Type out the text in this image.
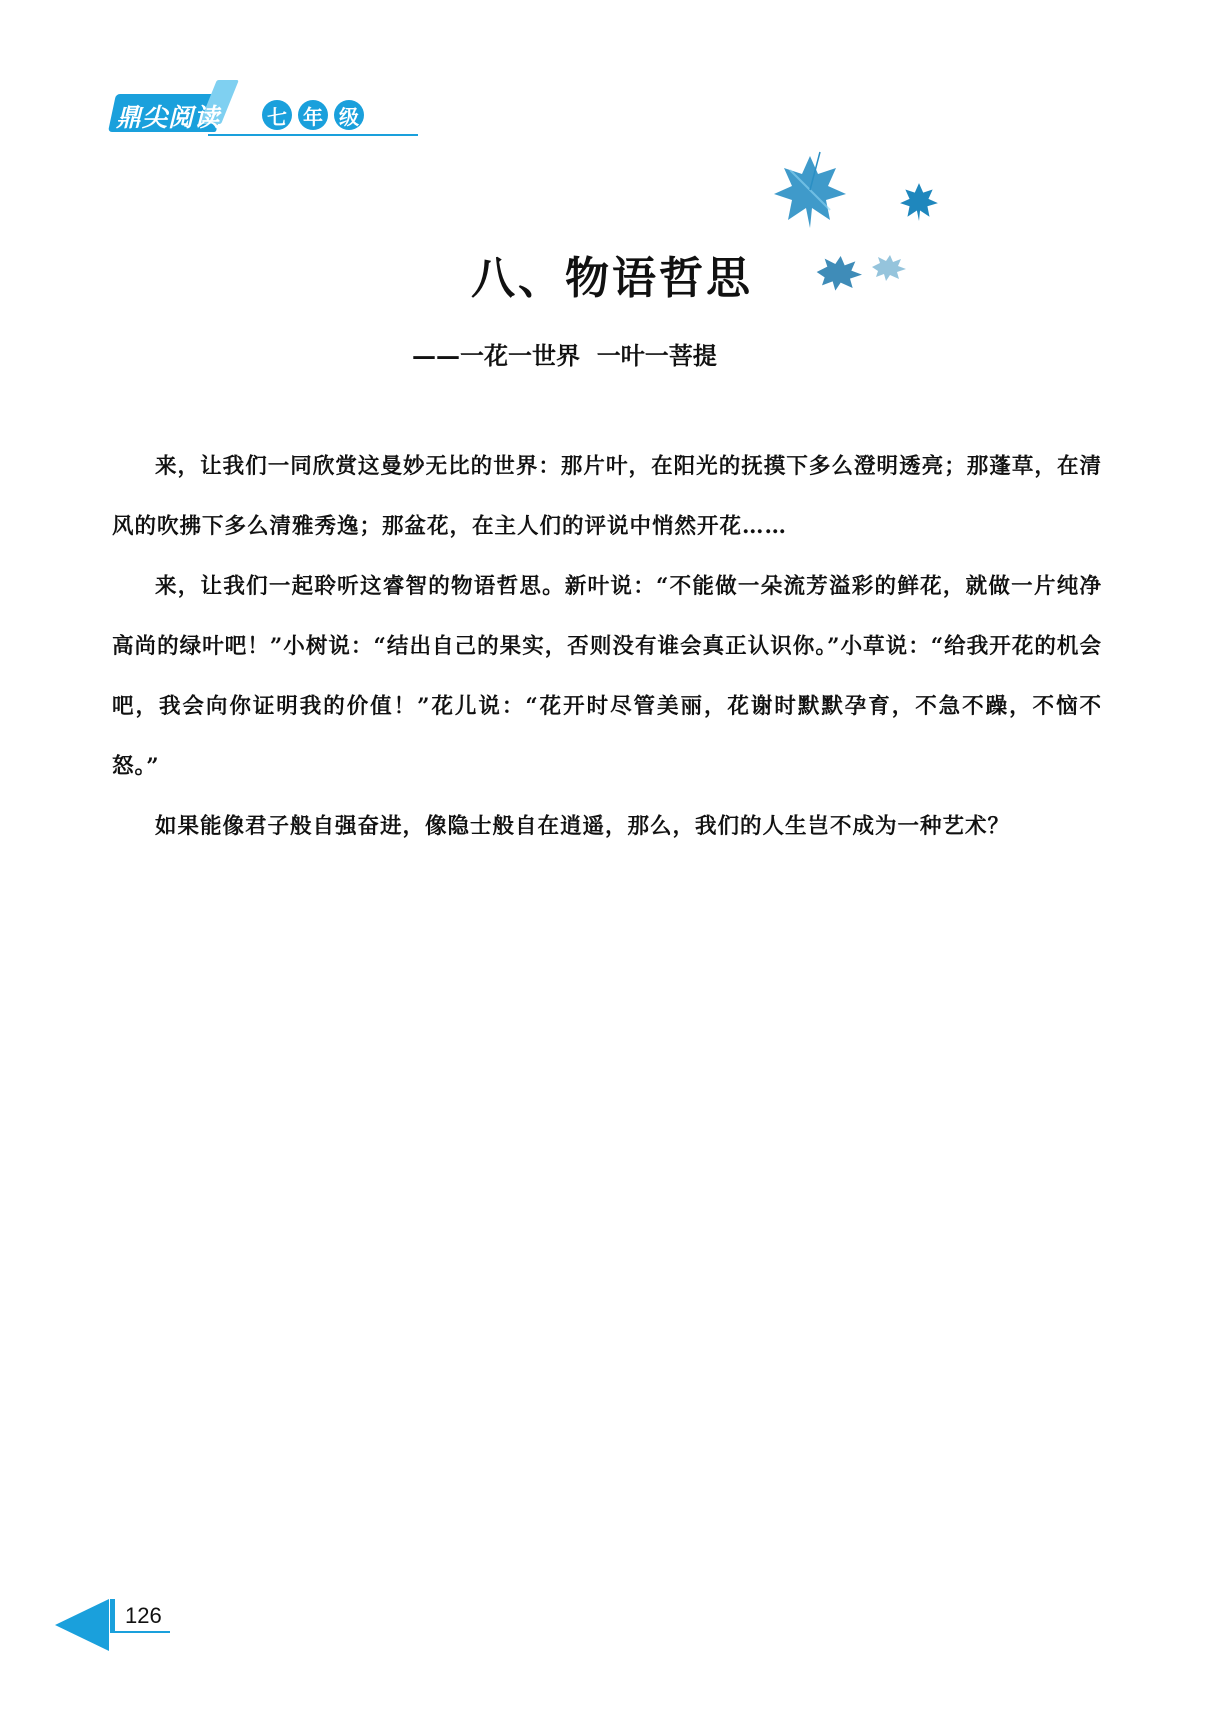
鼎尖阅读 七 年 级
八、物语哲思
——一花一世界  一叶一菩提

来，让我们一同欣赏这曼妙无比的世界：那片叶，在阳光的抚摸下多么澄明透亮；那蓬草，在清风的吹拂下多么清雅秀逸；那盆花，在主人们的评说中悄然开花……

来，让我们一起聆听这睿智的物语哲思。新叶说：“不能做一朵流芳溢彩的鲜花，就做一片纯净高尚的绿叶吧！”小树说：“结出自己的果实，否则没有谁会真正认识你。”小草说：“给我开花的机会吧，我会向你证明我的价值！”花儿说：“花开时尽管美丽，花谢时默默孕育，不急不躁，不恼不怒。”

如果能像君子般自强奋进，像隐士般自在逍遥，那么，我们的人生岂不成为一种艺术？

126
